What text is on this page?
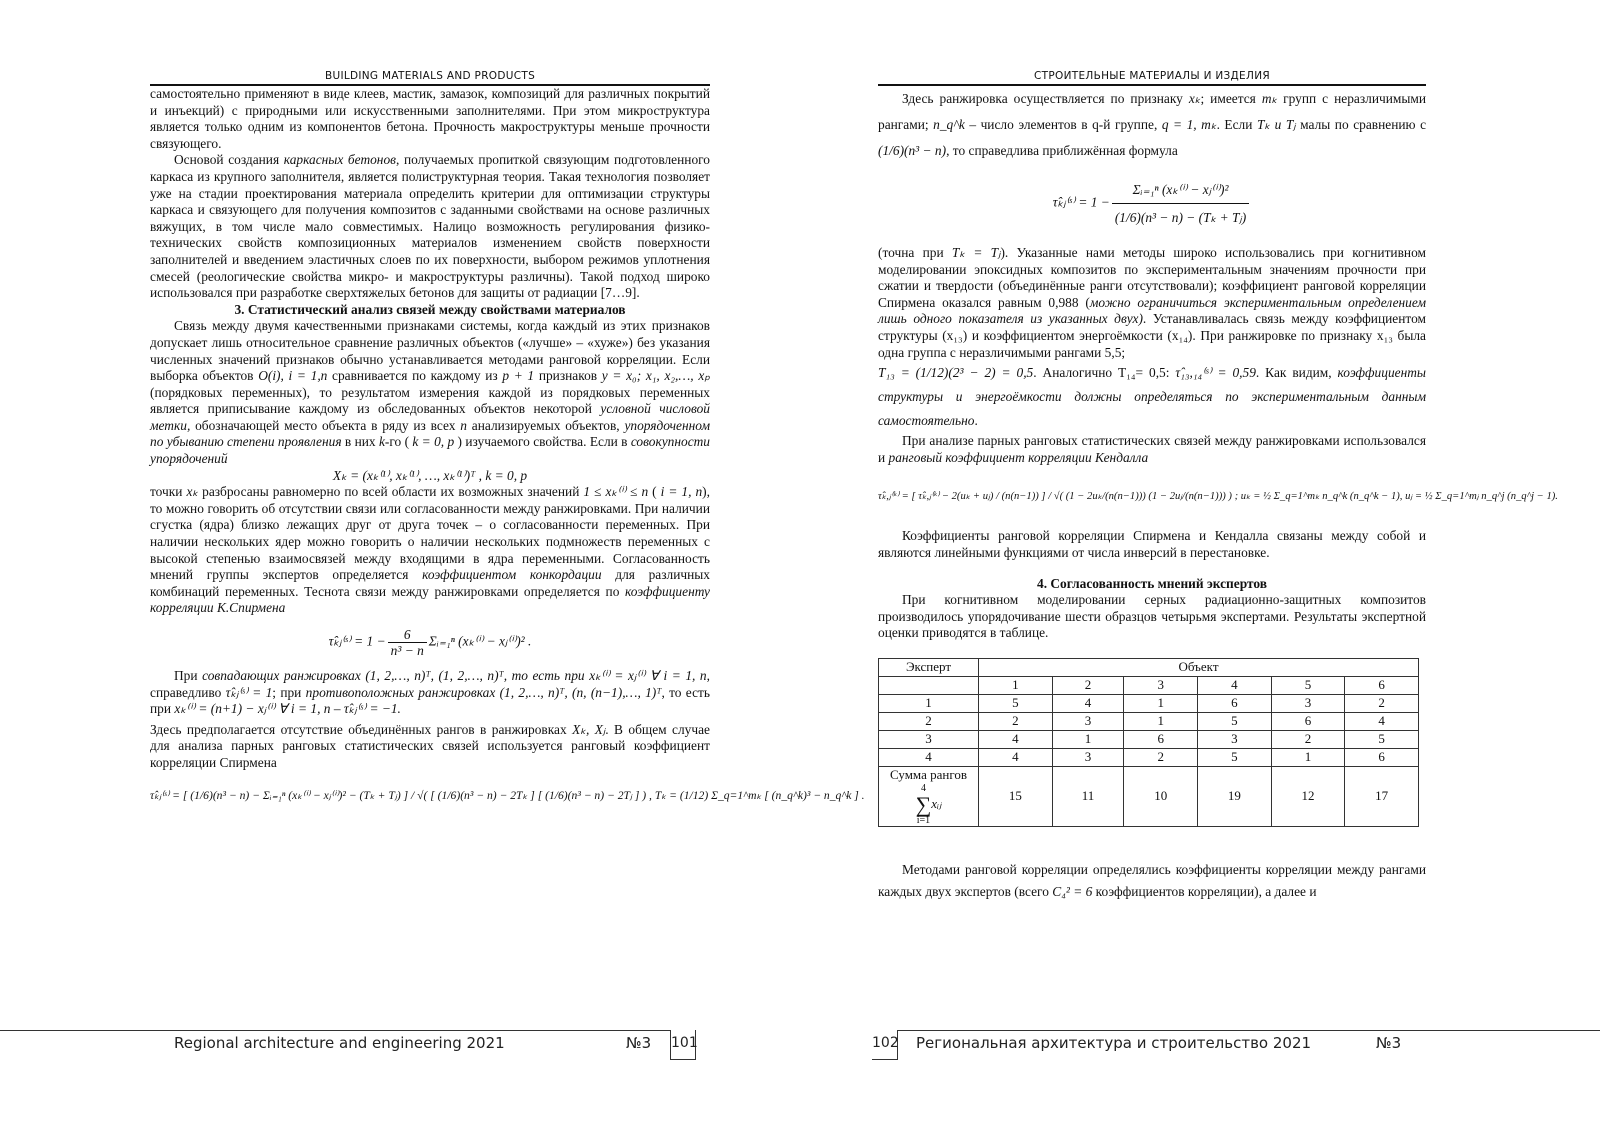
BUILDING MATERIALS AND PRODUCTS

самостоятельно применяют в виде клеев, мастик, замазок, композиций для различных покрытий и инъекций) с природными или искусственными заполнителями. При этом микроструктура является только одним из компонентов бетона. Прочность макроструктуры меньше прочности связующего.

Основой создания каркасных бетонов, получаемых пропиткой связующим подготовленного каркаса из крупного заполнителя, является полиструктурная теория. Такая технология позволяет уже на стадии проектирования материала определить критерии для оптимизации структуры каркаса и связующего для получения композитов с заданными свойствами на основе различных вяжущих, в том числе мало совместимых. Налицо возможность регулирования физико-технических свойств композиционных материалов изменением свойств поверхности заполнителей и введением эластичных слоев по их поверхности, выбором режимов уплотнения смесей (реологические свойства микро- и макроструктуры различны). Такой подход широко использовался при разработке сверхтяжелых бетонов для защиты от радиации [7…9].

3. Статистический анализ связей между свойствами материалов

Связь между двумя качественными признаками системы, когда каждый из этих признаков допускает лишь относительное сравнение различных объектов («лучше» – «хуже») без указания численных значений признаков обычно устанавливается методами ранговой корреляции. Если выборка объектов O(i), i = 1,n сравнивается по каждому из p + 1 признаков y = x₀; x₁, x₂,…, xₚ (порядковых переменных), то результатом измерения каждой из порядковых переменных является приписывание каждому из обследованных объектов некоторой условной числовой метки, обозначающей место объекта в ряду из всех n анализируемых объектов, упорядоченном по убыванию степени проявления в них k-го ( k = 0, p ) изучаемого свойства. Если в совокупности упорядочений

Xₖ = (xₖ⁽¹⁾, xₖ⁽¹⁾, …, xₖ⁽¹⁾)ᵀ , k = 0, p

точки xₖ разбросаны равномерно по всей области их возможных значений 1 ≤ xₖ⁽ⁱ⁾ ≤ n ( i = 1, n), то можно говорить об отсутствии связи или согласованности между ранжировками. При наличии сгустка (ядра) близко лежащих друг от друга точек – о согласованности переменных. При наличии нескольких ядер можно говорить о наличии нескольких подмножеств переменных с высокой степенью взаимосвязей между входящими в ядра переменными. Согласованность мнений группы экспертов определяется коэффициентом конкордации для различных комбинаций переменных. Теснота связи между ранжировками определяется по коэффициенту корреляции К.Спирмена

τ̂ₖⱼ⁽ˢ⁾ = $1 - \frac{6}{\text{n³ − n}}$ Σᵢ₌₁ⁿ (xₖ⁽ⁱ⁾ − xⱼ⁽ⁱ⁾)² .

При совпадающих ранжировках (1, 2,…, n)ᵀ, (1, 2,…, n)ᵀ, то есть при xₖ⁽ⁱ⁾ = xⱼ⁽ⁱ⁾ ∀ i = 1, n, справедливо τ̂ₖⱼ⁽ˢ⁾ = 1; при противоположных ранжировках (1, 2,…, n)ᵀ, (n, (n−1),…, 1)ᵀ, то есть при xₖ⁽ⁱ⁾ = (n+1) − xⱼ⁽ⁱ⁾ ∀ i = 1, n – τ̂ₖⱼ⁽ˢ⁾ = −1.

Здесь предполагается отсутствие объединённых рангов в ранжировках Xₖ, Xⱼ. В общем случае для анализа парных ранговых статистических связей используется ранговый коэффициент корреляции Спирмена

τ̂ₖⱼ⁽ˢ⁾ = [ (1/6)(n³ − n) − Σᵢ₌₁ⁿ (xₖ⁽ⁱ⁾ − xⱼ⁽ⁱ⁾)² − (Tₖ + Tⱼ) ] / √( [ (1/6)(n³ − n) − 2Tₖ ] [ (1/6)(n³ − n) − 2Tⱼ ] ) , Tₖ = (1/12) Σ_q=1^mₖ [ (n_q^k)³ − n_q^k ] .

Regional architecture and engineering 2021	№3 101
СТРОИТЕЛЬНЫЕ МАТЕРИАЛЫ И ИЗДЕЛИЯ

Здесь ранжировка осуществляется по признаку xₖ; имеется mₖ групп с неразличимыми рангами; n_q^k – число элементов в q-й группе, q = 1, mₖ. Если Tₖ и Tⱼ малы по сравнению с (1/6)(n³ − n), то справедлива приближённая формула

τ̂ₖⱼ⁽ˢ⁾ = $1 - \frac{\text{Σᵢ₌₁ⁿ (xₖ⁽ⁱ⁾ − xⱼ⁽ⁱ⁾)²}}{\text{(1/6)(n³ − n) − (Tₖ + Tⱼ)}}$

(точна при Tₖ = Tⱼ). Указанные нами методы широко использовались при когнитивном моделировании эпоксидных композитов по экспериментальным значениям прочности при сжатии и твердости (объединённые ранги отсутствовали); коэффициент ранговой корреляции Спирмена оказался равным 0,988 (можно ограничиться экспериментальным определением лишь одного показателя из указанных двух). Устанавливалась связь между коэффициентом структуры (x₁₃) и коэффициентом энергоёмкости (x₁₄). При ранжировке по признаку x₁₃ была одна группа с неразличимыми рангами 5,5;

T₁₃ = (1/12)(2³ − 2) = 0,5. Аналогично T₁₄= 0,5: τ̂₁₃,₁₄⁽ˢ⁾ = 0,59. Как видим, коэффициенты структуры и энергоёмкости должны определяться по экспериментальным данным самостоятельно.

При анализе парных ранговых статистических связей между ранжировками использовался и ранговый коэффициент корреляции Кендалла

τ̂ₖ,ⱼ⁽ᵏ⁾ = [ τ̂ₖ,ⱼ⁽ᵏ⁾ − 2(uₖ + uⱼ) / (n(n−1)) ] / √( (1 − 2uₖ/(n(n−1))) (1 − 2uⱼ/(n(n−1))) ) ; uₖ = ½ Σ_q=1^mₖ n_q^k (n_q^k − 1), uⱼ = ½ Σ_q=1^mⱼ n_q^j (n_q^j − 1).

Коэффициенты ранговой корреляции Спирмена и Кендалла связаны между собой и являются линейными функциями от числа инверсий в перестановке.

4. Согласованность мнений экспертов

При когнитивном моделировании серных радиационно-защитных композитов производилось упорядочивание шести образцов четырьмя экспертами. Результаты экспертной оценки приводятся в таблице.

Эксперт	Объект					
	1	2	3	4	5	6
1	5	4	1	6	3	2
2	2	3	1	5	6	4
3	4	1	6	3	2	5
4	4	3	2	5	1	6

Сумма рангов
4
∑
i=1xᵢⱼ	15	11	10	19	12	17

Методами ранговой корреляции определялись коэффициенты корреляции между рангами каждых двух экспертов (всего C₄² = 6 коэффициентов корреляции), а далее и

102 Региональная архитектура и строительство 2021	№3
